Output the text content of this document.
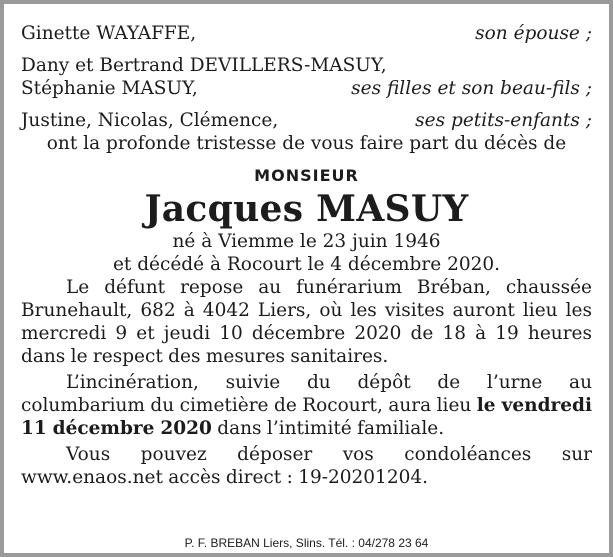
Ginette WAYAFFE,	son épouse ;
Dany et Bertrand DEVILLERS-MASUY,
Stéphanie MASUY,	ses filles et son beau-fils ;
Justine, Nicolas, Clémence,	ses petits-enfants ;
ont la profonde tristesse de vous faire part du décès de
MONSIEUR
Jacques MASUY
né à Viemme le 23 juin 1946
et décédé à Rocourt le 4 décembre 2020.

Le défunt repose au funérarium Bréban, chaussée Brunehault, 682 à 4042 Liers, où les visites auront lieu les mercredi 9 et jeudi 10 décembre 2020 de 18 à 19 heures dans le respect des mesures sanitaires.

L’incinération, suivie du dépôt de l’urne au columbarium du cimetière de Rocourt, aura lieu le vendredi 11 décembre 2020 dans l’intimité familiale.

Vous pouvez déposer vos condoléances sur www.enaos.net accès direct : 19-20201204.

P. F. BREBAN Liers, Slins. Tél. : 04/278 23 64
